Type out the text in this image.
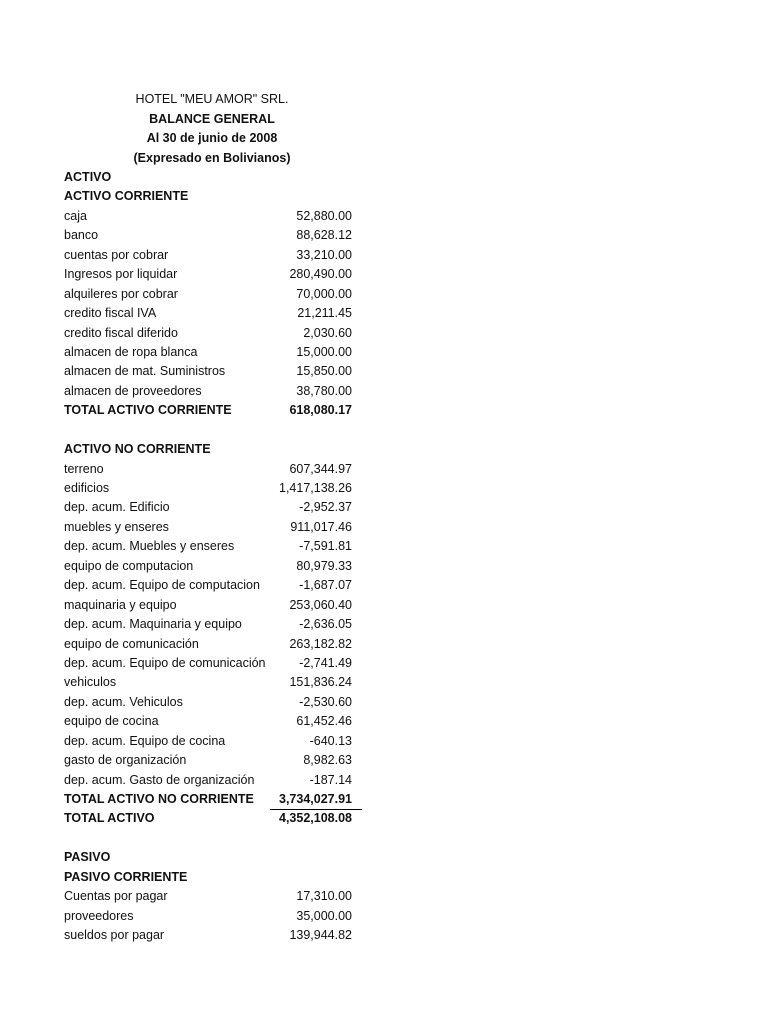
HOTEL "MEU AMOR" SRL.
BALANCE GENERAL
Al 30 de junio de 2008
(Expresado en Bolivianos)
ACTIVO
ACTIVO CORRIENTE
caja	52,880.00
banco	88,628.12
cuentas por cobrar	33,210.00
Ingresos por liquidar	280,490.00
alquileres por cobrar	70,000.00
credito fiscal IVA	21,211.45
credito fiscal diferido	2,030.60
almacen de ropa blanca	15,000.00
almacen de mat. Suministros	15,850.00
almacen de proveedores	38,780.00
TOTAL ACTIVO CORRIENTE	618,080.17
ACTIVO NO CORRIENTE
terreno	607,344.97
edificios	1,417,138.26
dep. acum. Edificio	-2,952.37
muebles y enseres	911,017.46
dep. acum. Muebles y enseres	-7,591.81
equipo de computacion	80,979.33
dep. acum. Equipo de computacion	-1,687.07
maquinaria y equipo	253,060.40
dep. acum. Maquinaria y equipo	-2,636.05
equipo de comunicación	263,182.82
dep. acum. Equipo de comunicación	-2,741.49
vehiculos	151,836.24
dep. acum. Vehiculos	-2,530.60
equipo de cocina	61,452.46
dep. acum. Equipo de cocina	-640.13
gasto de organización	8,982.63
dep. acum. Gasto de organización	-187.14
TOTAL ACTIVO NO CORRIENTE 3,734,027.91
TOTAL ACTIVO	4,352,108.08
PASIVO
PASIVO CORRIENTE
Cuentas por pagar	17,310.00
proveedores	35,000.00
sueldos por pagar	139,944.82
